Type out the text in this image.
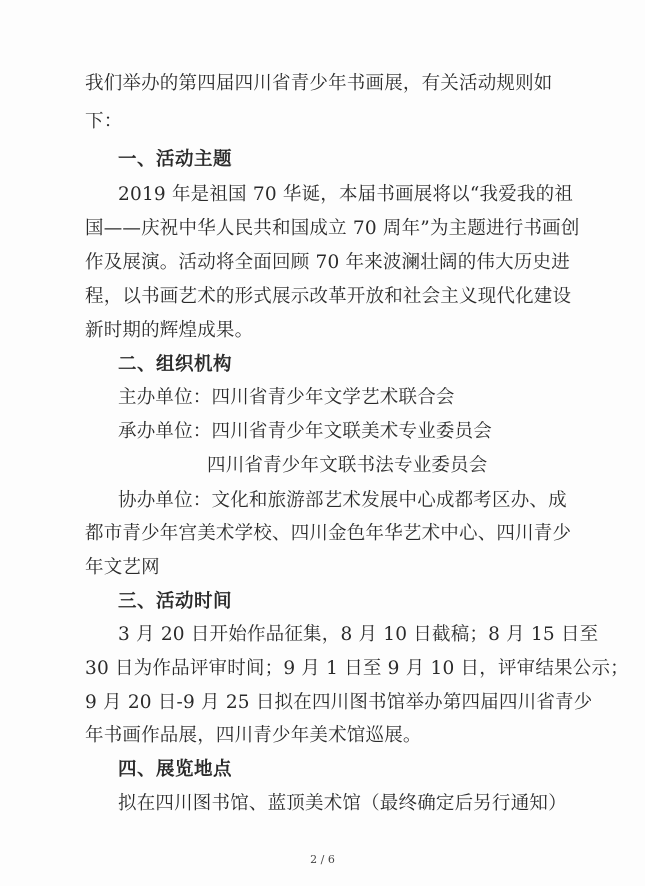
我们举办的第四届四川省青少年书画展，有关活动规则如
下：
一、活动主题
2019 年是祖国 70 华诞，本届书画展将以“我爱我的祖
国——庆祝中华人民共和国成立 70 周年”为主题进行书画创
作及展演。活动将全面回顾 70 年来波澜壮阔的伟大历史进
程，以书画艺术的形式展示改革开放和社会主义现代化建设
新时期的辉煌成果。
二、组织机构
主办单位：四川省青少年文学艺术联合会
承办单位：四川省青少年文联美术专业委员会
四川省青少年文联书法专业委员会
协办单位：文化和旅游部艺术发展中心成都考区办、成
都市青少年宫美术学校、四川金色年华艺术中心、四川青少
年文艺网
三、活动时间
3 月 20 日开始作品征集，8 月 10 日截稿；8 月 15 日至
30 日为作品评审时间；9 月 1 日至 9 月 10 日，评审结果公示；
9 月 20 日-9 月 25 日拟在四川图书馆举办第四届四川省青少
年书画作品展，四川青少年美术馆巡展。
四、展览地点
拟在四川图书馆、蓝顶美术馆（最终确定后另行通知）
2 / 6
